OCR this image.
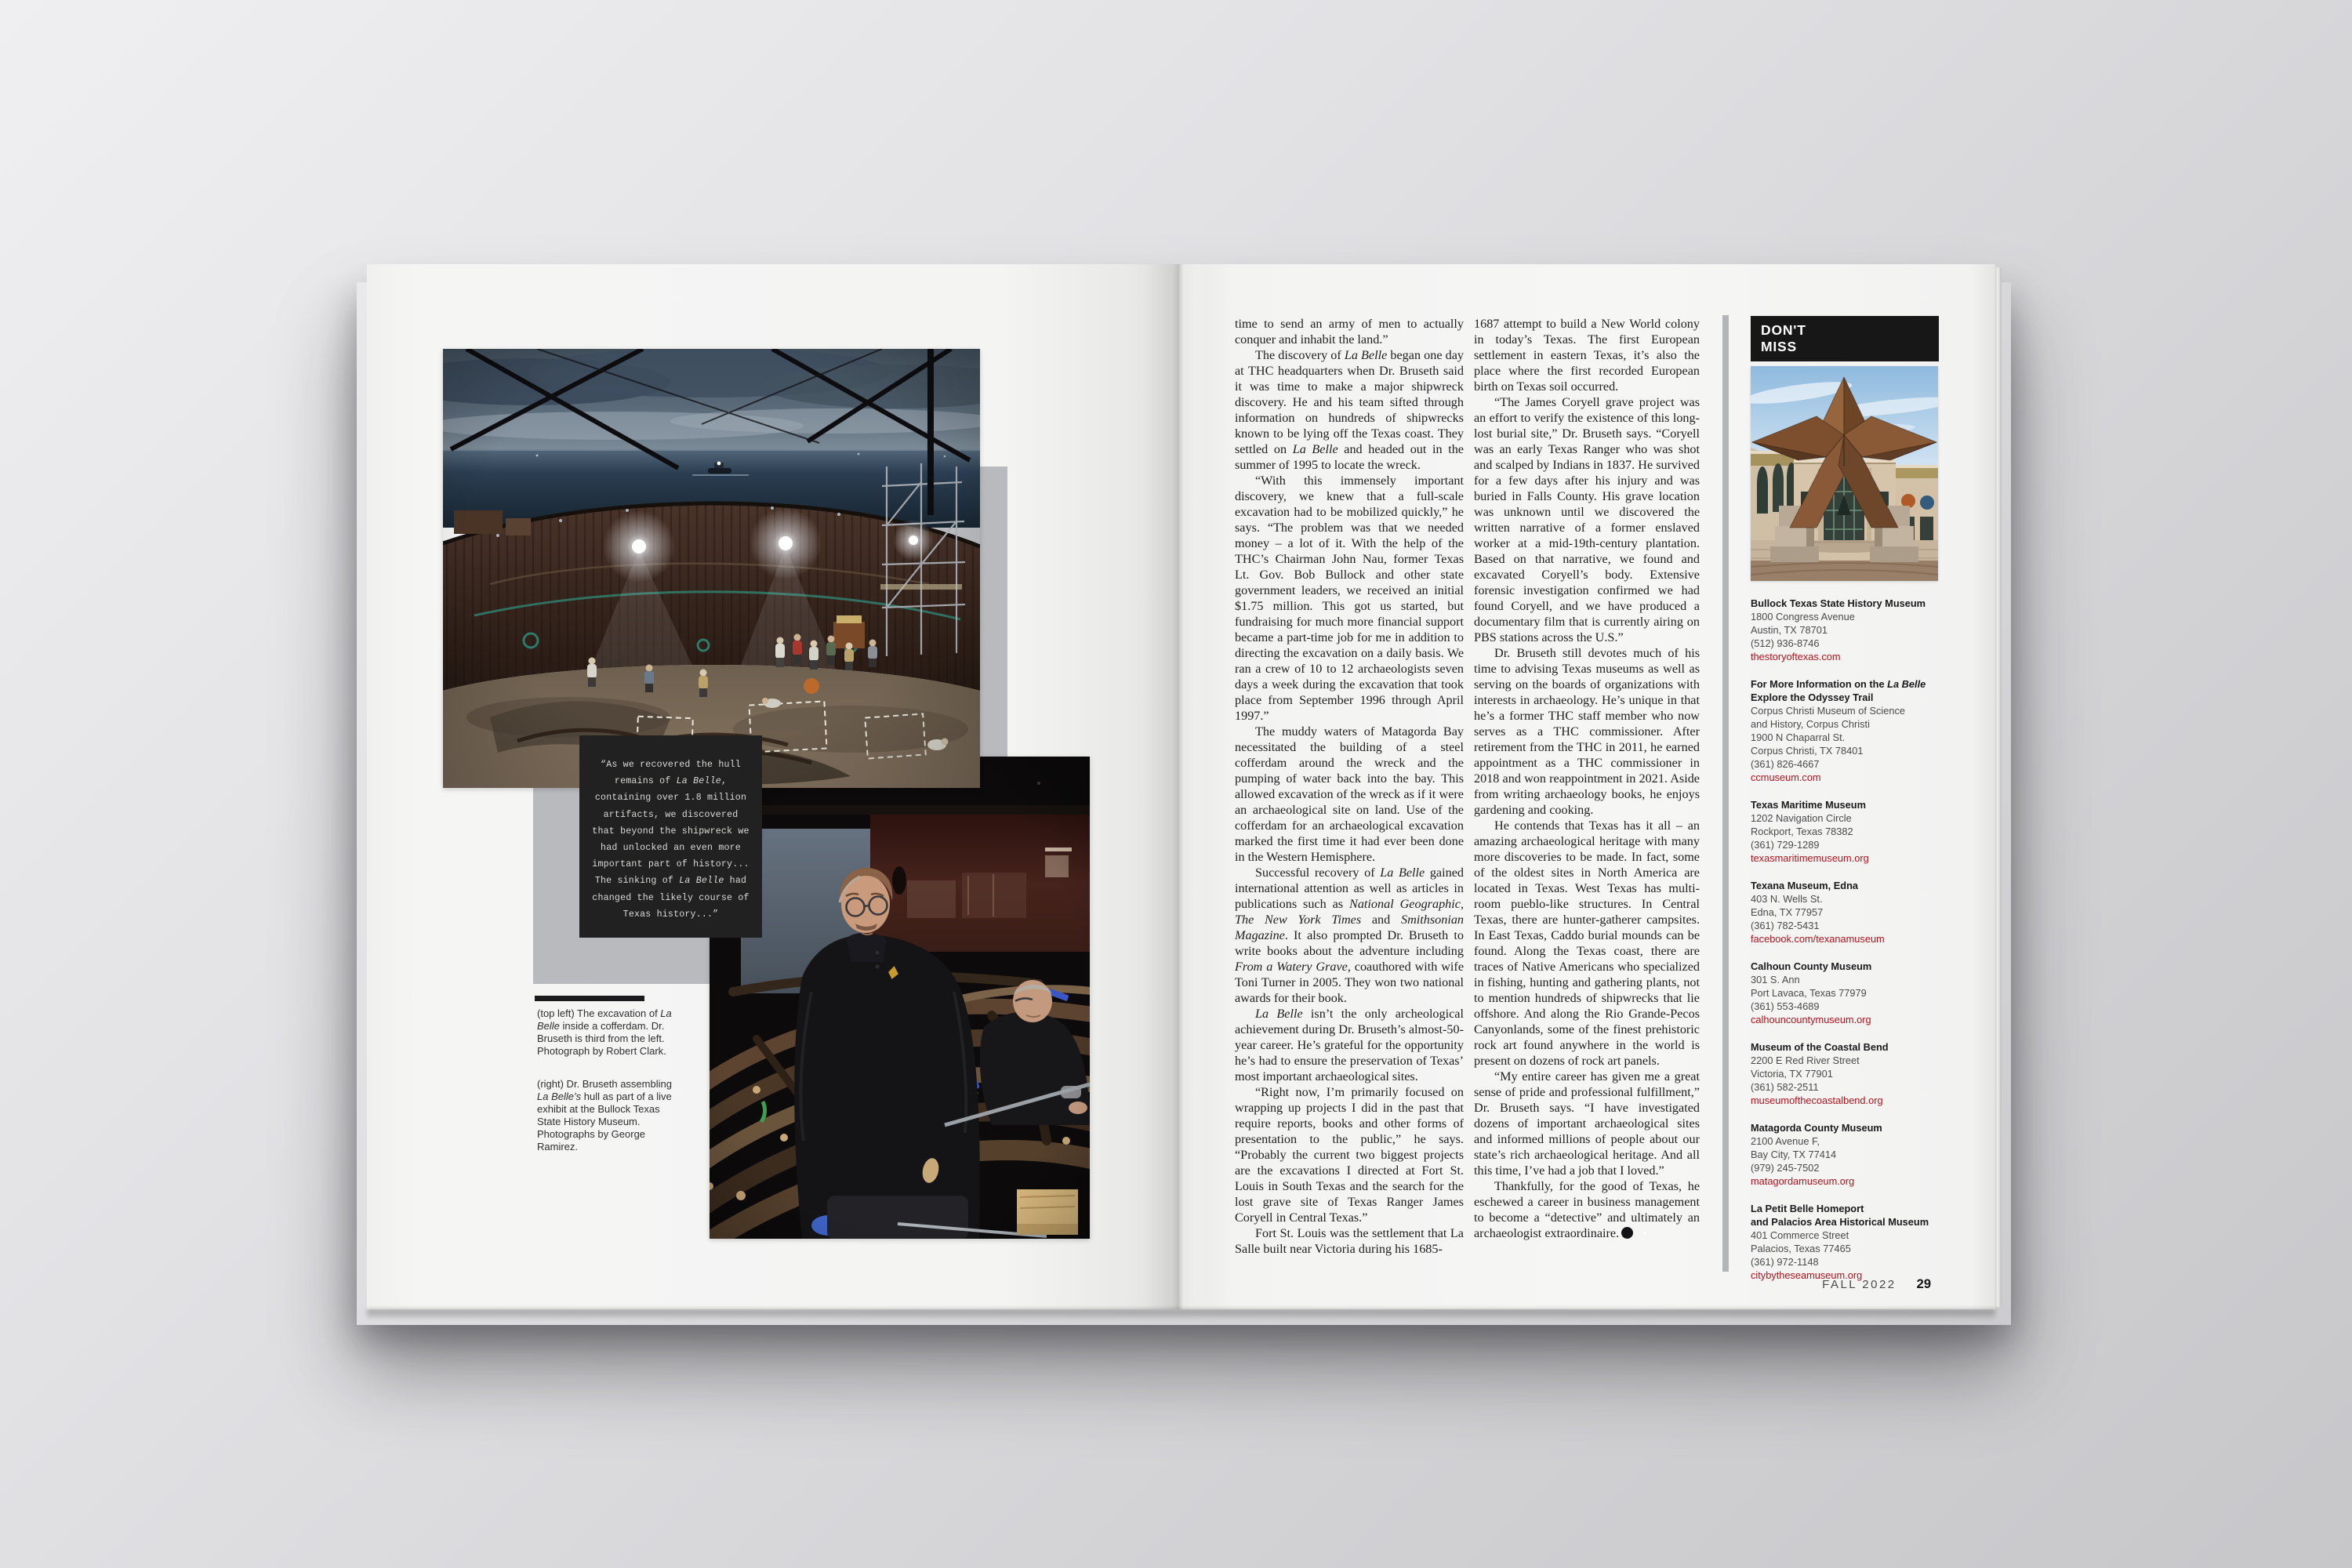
“As we recovered the hull remains of La Belle, containing over 1.8 million artifacts, we discovered that beyond the shipwreck we had unlocked an even more important part of history... The sinking of La Belle had changed the likely course of Texas history...”

(top left) The excavation of La Belle inside a cofferdam. Dr. Bruseth is third from the left. Photograph by Robert Clark.

(right) Dr. Bruseth assembling La Belle’s hull as part of a live exhibit at the Bullock Texas State History Museum. Photographs by George Ramirez.

time to send an army of men to actually conquer and inhabit the land.”

The discovery of La Belle began one day at THC headquarters when Dr. Bruseth said it was time to make a major shipwreck discovery. He and his team sifted through information on hundreds of shipwrecks known to be lying off the Texas coast. They settled on La Belle and headed out in the summer of 1995 to locate the wreck.

“With this immensely important discovery, we knew that a full-scale excavation had to be mobilized quickly,” he says. “The problem was that we needed money – a lot of it. With the help of the THC’s Chairman John Nau, former Texas Lt. Gov. Bob Bullock and other state government leaders, we received an initial $1.75 million. This got us started, but fundraising for much more financial support became a part-time job for me in addition to directing the excavation on a daily basis. We ran a crew of 10 to 12 archaeologists seven days a week during the excavation that took place from September 1996 through April 1997.”

The muddy waters of Matagorda Bay necessitated the building of a steel cofferdam around the wreck and the pumping of water back into the bay. This allowed excavation of the wreck as if it were an archaeological site on land. Use of the cofferdam for an archaeological excavation marked the first time it had ever been done in the Western Hemisphere.

Successful recovery of La Belle gained international attention as well as articles in publications such as National Geographic, The New York Times and Smithsonian Magazine. It also prompted Dr. Bruseth to write books about the adventure including From a Watery Grave, coauthored with wife Toni Turner in 2005. They won two national awards for their book.

La Belle isn’t the only archeological achievement during Dr. Bruseth’s almost-50-year career. He’s grateful for the opportunity he’s had to ensure the preservation of Texas’ most important archaeological sites.

“Right now, I’m primarily focused on wrapping up projects I did in the past that require reports, books and other forms of presentation to the public,” he says. “Probably the current two biggest projects are the excavations I directed at Fort St. Louis in South Texas and the search for the lost grave site of Texas Ranger James Coryell in Central Texas.”

Fort St. Louis was the settlement that La Salle built near Victoria during his 1685-

1687 attempt to build a New World colony in today’s Texas. The first European settlement in eastern Texas, it’s also the place where the first recorded European birth on Texas soil occurred.

“The James Coryell grave project was an effort to verify the existence of this long-lost burial site,” Dr. Bruseth says. “Coryell was an early Texas Ranger who was shot and scalped by Indians in 1837. He survived for a few days after his injury and was buried in Falls County. His grave location was unknown until we discovered the written narrative of a former enslaved worker at a mid-19th-century plantation. Based on that narrative, we found and excavated Coryell’s body. Extensive forensic investigation confirmed we had found Coryell, and we have produced a documentary film that is currently airing on PBS stations across the U.S.”

Dr. Bruseth still devotes much of his time to advising Texas museums as well as serving on the boards of organizations with interests in archaeology. He’s unique in that he’s a former THC staff member who now serves as a THC commissioner. After retirement from the THC in 2011, he earned appointment as a THC commissioner in 2018 and won reappointment in 2021. Aside from writing archaeology books, he enjoys gardening and cooking.

He contends that Texas has it all – an amazing archaeological heritage with many more discoveries to be made. In fact, some of the oldest sites in North America are located in Texas. West Texas has multi-room pueblo-like structures. In Central Texas, there are hunter-gatherer campsites. In East Texas, Caddo burial mounds can be found. Along the Texas coast, there are traces of Native Americans who specialized in fishing, hunting and gathering plants, not to mention hundreds of shipwrecks that lie offshore. And along the Rio Grande-Pecos Canyonlands, some of the finest prehistoric rock art found anywhere in the world is present on dozens of rock art panels.

“My entire career has given me a great sense of pride and professional fulfillment,” Dr. Bruseth says. “I have investigated dozens of important archaeological sites and informed millions of people about our state’s rich archaeological heritage. And all this time, I’ve had a job that I loved.”

Thankfully, for the good of Texas, he eschewed a career in business management to become a “detective” and ultimately an archaeologist extraordinaire.★

DON'T MISS
Bullock Texas State History Museum
1800 Congress Avenue
Austin, TX 78701
(512) 936-8746
thestoryoftexas.com
For More Information on the La Belle
Explore the Odyssey Trail
Corpus Christi Museum of Science
and History, Corpus Christi
1900 N Chaparral St.
Corpus Christi, TX 78401
(361) 826-4667
ccmuseum.com
Texas Maritime Museum
1202 Navigation Circle
Rockport, Texas 78382
(361) 729-1289
texasmaritimemuseum.org
Texana Museum, Edna
403 N. Wells St.
Edna, TX 77957
(361) 782-5431
facebook.com/texanamuseum
Calhoun County Museum
301 S. Ann
Port Lavaca, Texas 77979
(361) 553-4689
calhouncountymuseum.org
Museum of the Coastal Bend
2200 E Red River Street
Victoria, TX 77901
(361) 582-2511
museumofthecoastalbend.org
Matagorda County Museum
2100 Avenue F,
Bay City, TX 77414
(979) 245-7502
matagordamuseum.org
La Petit Belle Homeport
and Palacios Area Historical Museum
401 Commerce Street
Palacios, Texas 77465
(361) 972-1148
citybytheseamuseum.org
FALL 2022 29
